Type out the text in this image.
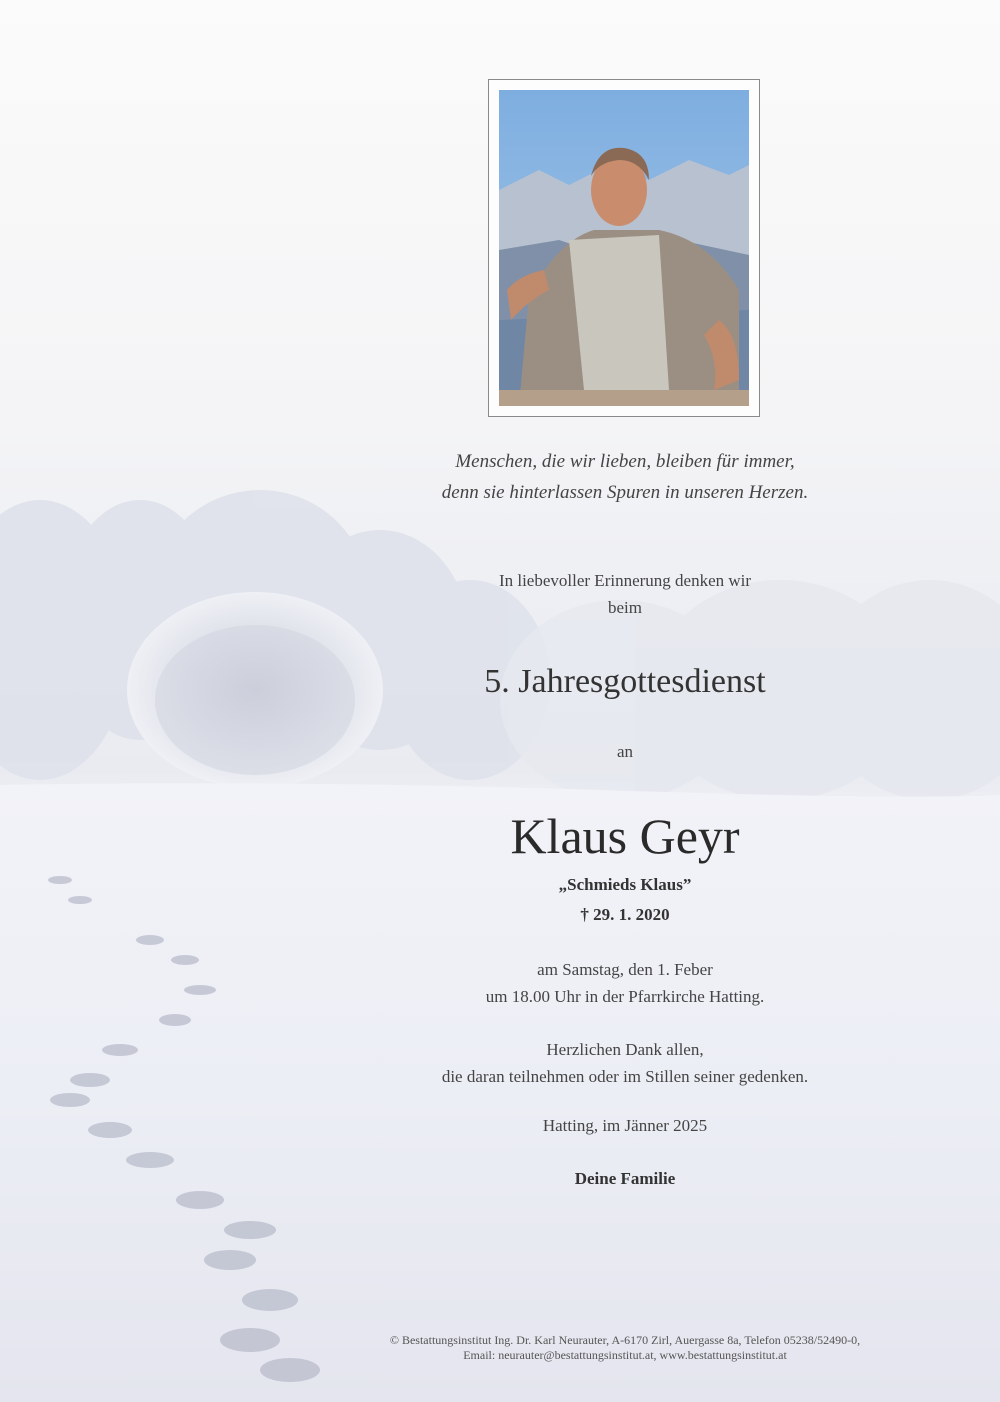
Menschen, die wir lieben, bleiben für immer,
denn sie hinterlassen Spuren in unseren Herzen.
In liebevoller Erinnerung denken wir
beim
5. Jahresgottesdienst
an
Klaus Geyr
„Schmieds Klaus”
† 29. 1. 2020
am Samstag, den 1. Feber
um 18.00 Uhr in der Pfarrkirche Hatting.
Herzlichen Dank allen,
die daran teilnehmen oder im Stillen seiner gedenken.
Hatting, im Jänner 2025
Deine Familie
© Bestattungsinstitut Ing. Dr. Karl Neurauter, A-6170 Zirl, Auergasse 8a, Telefon 05238/52490-0,
Email: neurauter@bestattungsinstitut.at, www.bestattungsinstitut.at
